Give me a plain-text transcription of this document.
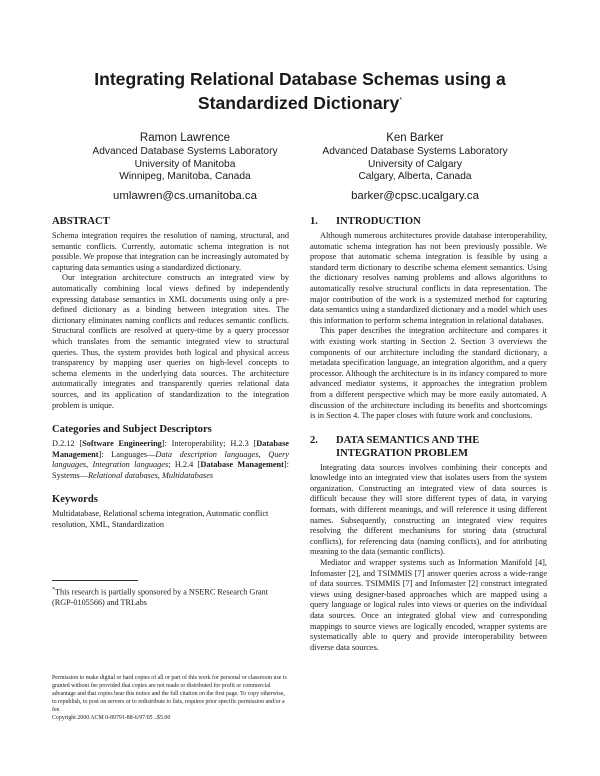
Integrating Relational Database Schemas using a
Standardized Dictionary*
Ramon Lawrence
Advanced Database Systems Laboratory
University of Manitoba
Winnipeg, Manitoba, Canada
umlawren@cs.umanitoba.ca
Ken Barker
Advanced Database Systems Laboratory
University of Calgary
Calgary, Alberta, Canada
barker@cpsc.ucalgary.ca
ABSTRACT

Schema integration requires the resolution of naming, structural, and semantic conflicts. Currently, automatic schema integration is not possible. We propose that integration can be increasingly automated by capturing data semantics using a standardized dictionary.

Our integration architecture constructs an integrated view by automatically combining local views defined by independently expressing database semantics in XML documents using only a pre-defined dictionary as a binding between integration sites. The dictionary eliminates naming conflicts and reduces semantic conflicts. Structural conflicts are resolved at query-time by a query processor which translates from the semantic integrated view to structural queries. Thus, the system provides both logical and physical access transparency by mapping user queries on high-level concepts to schema elements in the underlying data sources. The architecture automatically integrates and transparently queries relational data sources, and its application of standardization to the integration problem is unique.

Categories and Subject Descriptors

D.2.12 [Software Engineering]: Interoperability; H.2.3 [Database Management]: Languages—Data description languages, Query languages, Integration languages; H.2.4 [Database Management]: Systems—Relational databases, Multidatabases

Keywords

Multidatabase, Relational schema integration, Automatic conflict resolution, XML, Standardization

*This research is partially sponsored by a NSERC Research Grant (RGP-0105566) and TRLabs
Permission to make digital or hard copies of all or part of this work for personal or classroom use is granted without fee provided that copies are not made or distributed for profit or commercial advantage and that copies bear this notice and the full citation on the first page. To copy otherwise, to republish, to post on servers or to redistribute to lists, requires prior specific permission and/or a fee.
Copyright 2000 ACM 0-89791-88-6/97/05 ..$5.00
1.	INTRODUCTION

Although numerous architectures provide database interoperability, automatic schema integration has not been previously possible. We propose that automatic schema integration is feasible by using a standard term dictionary to describe schema element semantics. Using the dictionary resolves naming problems and allows algorithms to automatically resolve structural conflicts in data representation. The major contribution of the work is a systemized method for capturing data semantics using a standardized dictionary and a model which uses this information to perform schema integration in relational databases.

This paper describes the integration architecture and compares it with existing work starting in Section 2. Section 3 overviews the components of our architecture including the standard dictionary, a metadata specification language, an integration algorithm, and a query processor. Although the architecture is in its infancy compared to more advanced mediator systems, it approaches the integration problem from a different perspective which may be more easily automated. A discussion of the architecture including its benefits and shortcomings is in Section 4. The paper closes with future work and conclusions.

2.	DATA SEMANTICS AND THE
INTEGRATION PROBLEM

Integrating data sources involves combining their concepts and knowledge into an integrated view that isolates users from the system organization. Constructing an integrated view of data sources is difficult because they will store different types of data, in varying formats, with different meanings, and will reference it using different names. Subsequently, constructing an integrated view requires resolving the different mechanisms for storing data (structural conflicts), for referencing data (naming conflicts), and for attributing meaning to the data (semantic conflicts).

Mediator and wrapper systems such as Information Manifold [4], Infomaster [2], and TSIMMIS [7] answer queries across a wide-range of data sources. TSIMMIS [7] and Infomaster [2] construct integrated views using designer-based approaches which are mapped using a query language or logical rules into views or queries on the individual data sources. Once an integrated global view and corresponding mappings to source views are logically encoded, wrapper systems are systematically able to query and provide interoperability between diverse data sources.
